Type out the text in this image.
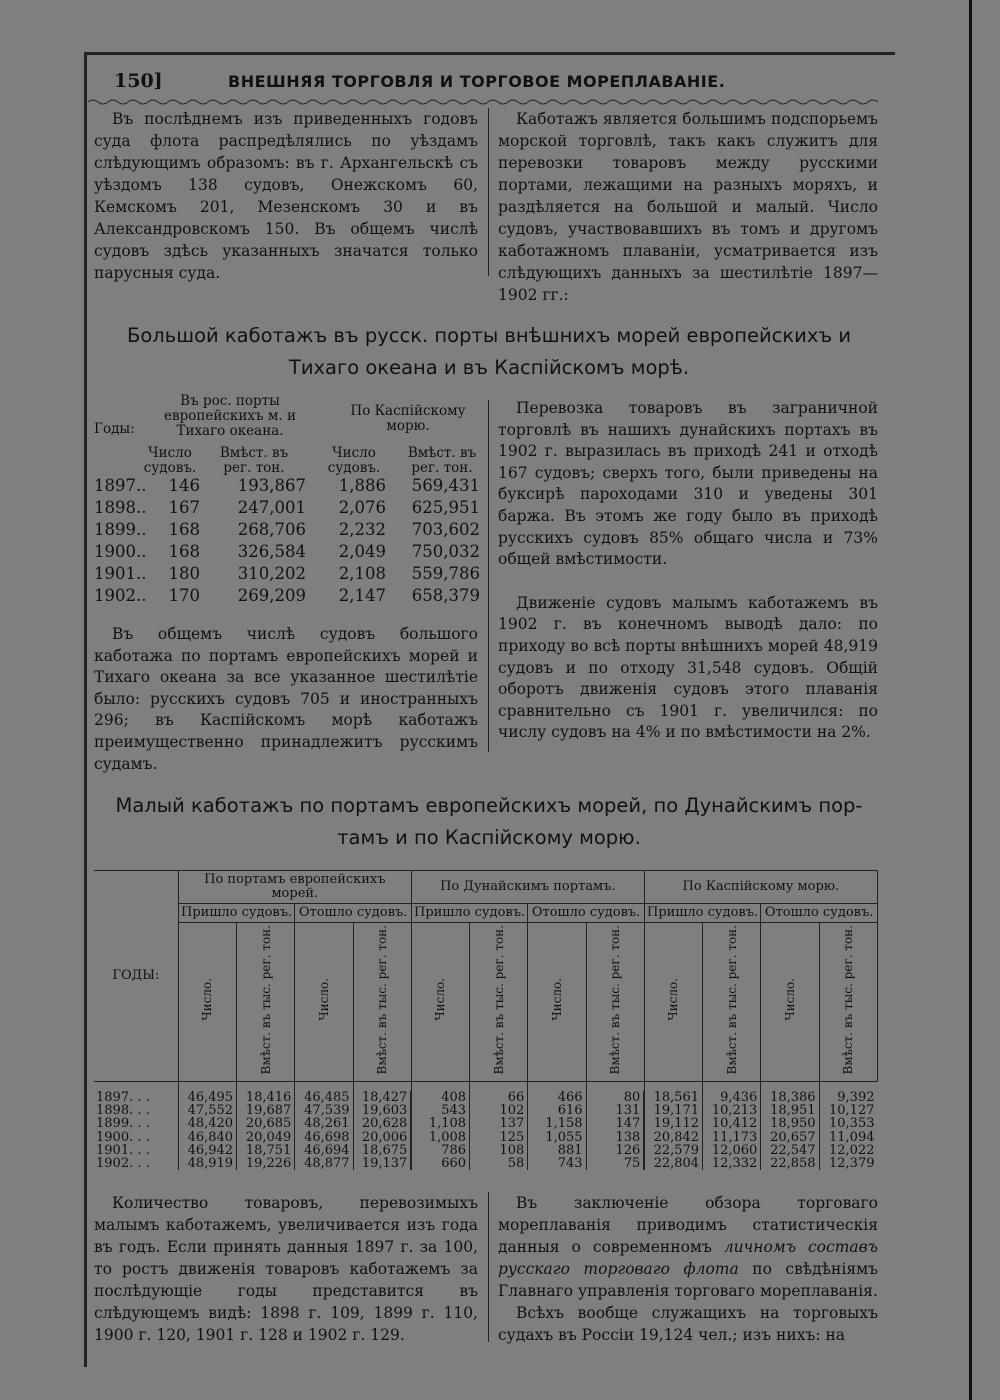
150]	ВНЕШНЯЯ ТОРГОВЛЯ И ТОРГОВОЕ МОРЕПЛАВАНІЕ.

Въ послѣднемъ изъ приведенныхъ годовъ суда флота распредѣлялись по уѣздамъ слѣдующимъ образомъ: въ г. Архангельскѣ съ уѣздомъ 138 судовъ, Онежскомъ 60, Кемскомъ 201, Мезенскомъ 30 и въ Александровскомъ 150. Въ общемъ числѣ судовъ здѣсь указанныхъ значатся только парусныя суда.

Каботажъ является большимъ подспорьемъ морской торговлѣ, такъ какъ служитъ для перевозки товаровъ между русскими портами, лежащими на разныхъ моряхъ, и раздѣляется на большой и малый. Число судовъ, участвовавшихъ въ томъ и другомъ каботажномъ плаваніи, усматривается изъ слѣдующихъ данныхъ за шестилѣтіе 1897—1902 гг.:

Большой каботажъ въ русск. порты внѣшнихъ морей европейскихъ и
Тихаго океана и въ Каспійскомъ морѣ.
Годы:
Въ рос. порты европейскихъ м. и Тихаго океана.
По Каспійскому морю.
Число судовъ.
Вмѣст. въ рег. тон.
Число судовъ.
Вмѣст. въ рег. тон.
1897..	146	193,867	1,886	569,431
1898..	167	247,001	2,076	625,951
1899..	168	268,706	2,232	703,602
1900..	168	326,584	2,049	750,032
1901..	180	310,202	2,108	559,786
1902..	170	269,209	2,147	658,379

Въ общемъ числѣ судовъ большого каботажа по портамъ европейскихъ морей и Тихаго океана за все указанное шестилѣтіе было: русскихъ судовъ 705 и иностранныхъ 296; въ Каспійскомъ морѣ каботажъ преимущественно принадлежитъ русскимъ судамъ.

Перевозка товаровъ въ заграничной торговлѣ въ нашихъ дунайскихъ портахъ въ 1902 г. выразилась въ приходѣ 241 и отходѣ 167 судовъ; сверхъ того, были приведены на буксирѣ пароходами 310 и уведены 301 баржа. Въ этомъ же году было въ приходѣ русскихъ судовъ 85% общаго числа и 73% общей вмѣстимости.

Движеніе судовъ малымъ каботажемъ въ 1902 г. въ конечномъ выводѣ дало: по приходу во всѣ порты внѣшнихъ морей 48,919 судовъ и по отходу 31,548 судовъ. Общій оборотъ движенія судовъ этого плаванія сравнительно съ 1901 г. увеличился: по числу судовъ на 4% и по вмѣстимости на 2%.

Малый каботажъ по портамъ европейскихъ морей, по Дунайскимъ пор-
тамъ и по Каспійскому морю.
ГОДЫ:	По портамъ европейскихъ морей.				По Дунайскимъ портамъ.				По Каспійскому морю.			
	Пришло судовъ.		Отошло судовъ.		Пришло судовъ.		Отошло судовъ.		Пришло судовъ.		Отошло судовъ.	
	Число.	Вмѣст. въ тыс. рег. тон.	Число.	Вмѣст. въ тыс. рег. тон.	Число.	Вмѣст. въ тыс. рег. тон.	Число.	Вмѣст. въ тыс. рег. тон.	Число.	Вмѣст. въ тыс. рег. тон.	Число.	Вмѣст. въ тыс. рег. тон.

1897. . .	46,495	18,416	46,485	18,427	408	66	466	80	18,561	9,436	18,386	9,392
1898. . .	47,552	19,687	47,539	19,603	543	102	616	131	19,171	10,213	18,951	10,127
1899. . .	48,420	20,685	48,261	20,628	1,108	137	1,158	147	19,112	10,412	18,950	10,353
1900. . .	46,840	20,049	46,698	20,006	1,008	125	1,055	138	20,842	11,173	20,657	11,094
1901. . .	46,942	18,751	46,694	18,675	786	108	881	126	22,579	12,060	22,547	12,022
1902. . .	48,919	19,226	48,877	19,137	660	58	743	75	22,804	12,332	22,858	12,379

Количество товаровъ, перевозимыхъ малымъ каботажемъ, увеличивается изъ года въ годъ. Если принять данныя 1897 г. за 100, то ростъ движенія товаровъ каботажемъ за послѣдующіе годы представится въ слѣдующемъ видѣ: 1898 г. 109, 1899 г. 110, 1900 г. 120, 1901 г. 128 и 1902 г. 129.

Въ заключеніе обзора торговаго мореплаванія приводимъ статистическія данныя о современномъ личномъ составъ русскаго торговаго флота по свѣдѣніямъ Главнаго управленія торговаго мореплаванія.

Всѣхъ вообще служащихъ на торговыхъ судахъ въ Россіи 19,124 чел.; изъ нихъ: на
